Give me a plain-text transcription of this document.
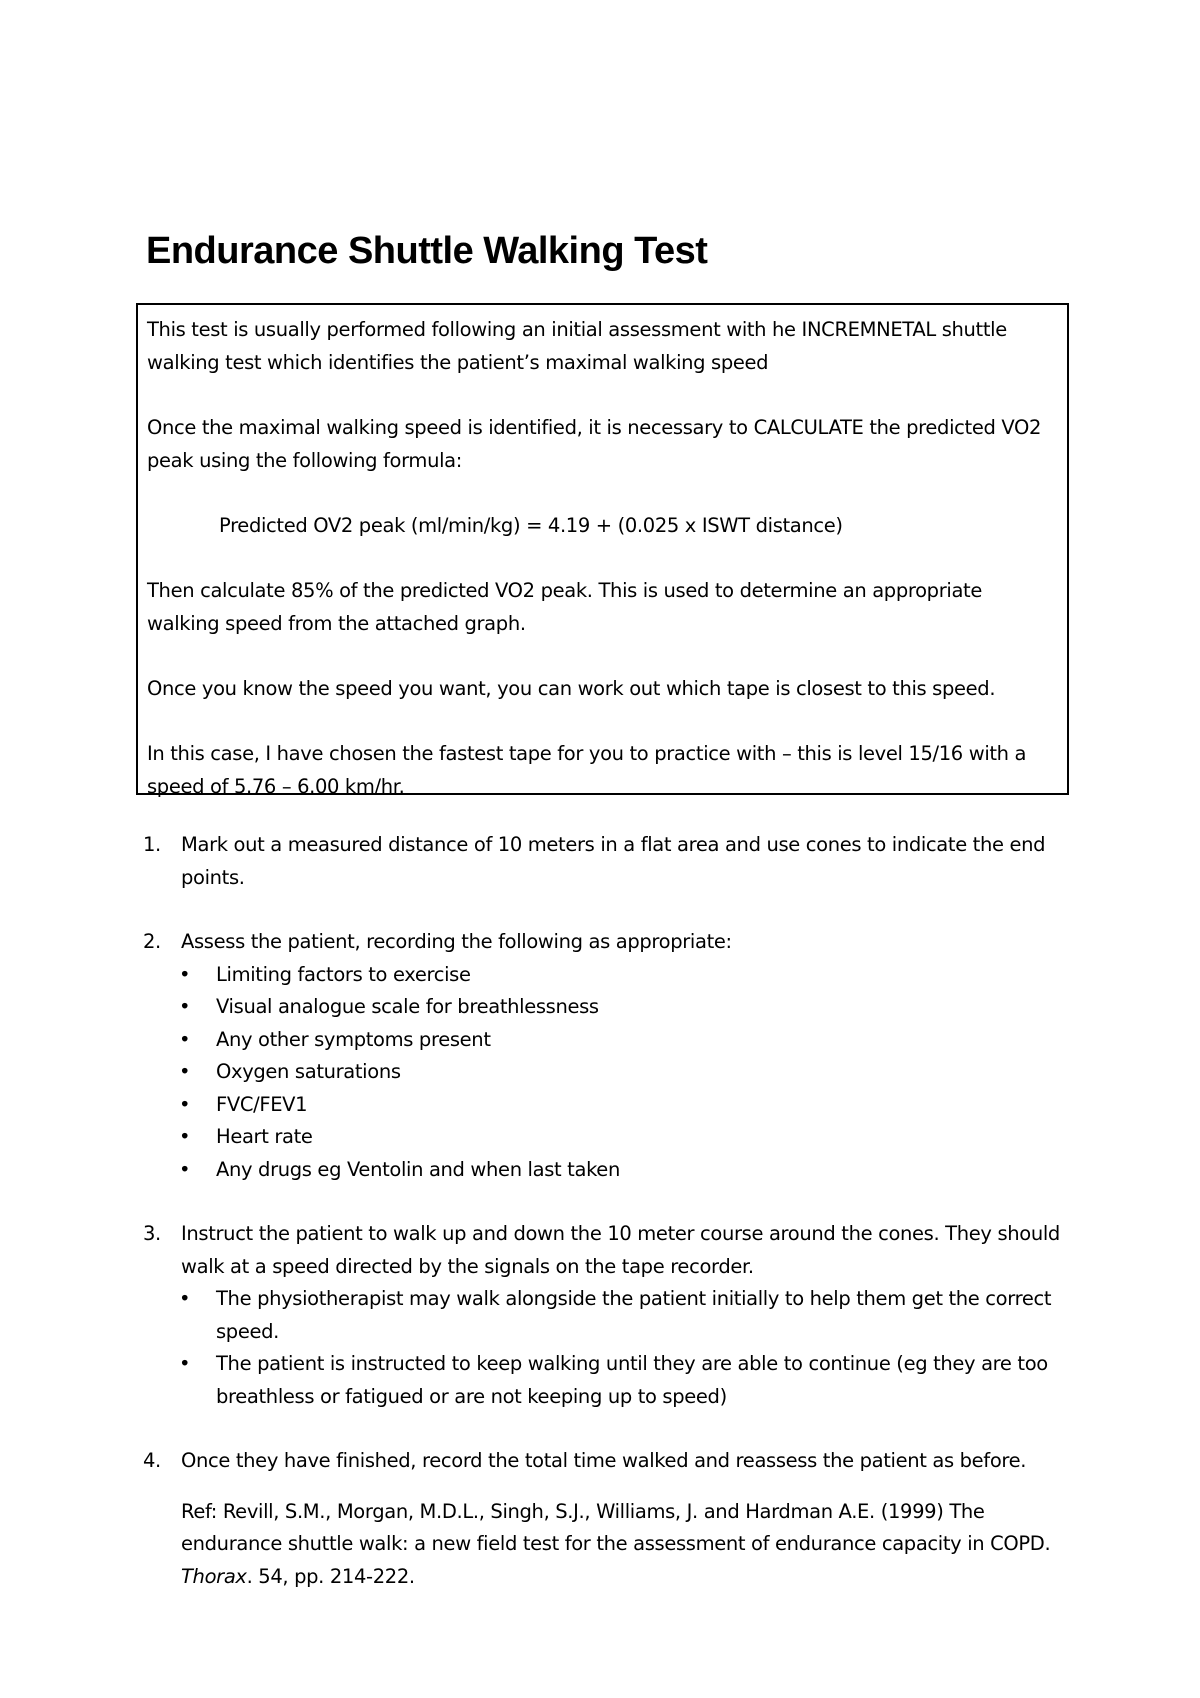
Endurance Shuttle Walking Test

This test is usually performed following an initial assessment with he INCREMNETAL shuttle walking test which identifies the patient’s maximal walking speed

Once the maximal walking speed is identified, it is necessary to CALCULATE the predicted VO2 peak using the following formula:

Predicted OV2 peak (ml/min/kg) = 4.19 + (0.025 x ISWT distance)

Then calculate 85% of the predicted VO2 peak. This is used to determine an appropriate walking speed from the attached graph.

Once you know the speed you want, you can work out which tape is closest to this speed.

In this case, I have chosen the fastest tape for you to practice with – this is level 15/16 with a speed of 5.76 – 6.00 km/hr.

1. Mark out a measured distance of 10 meters in a flat area and use cones to indicate the end points.
2. Assess the patient, recording the following as appropriate:
• Limiting factors to exercise
• Visual analogue scale for breathlessness
• Any other symptoms present
• Oxygen saturations
• FVC/FEV1
• Heart rate
• Any drugs eg Ventolin and when last taken
3. Instruct the patient to walk up and down the 10 meter course around the cones. They should walk at a speed directed by the signals on the tape recorder.
• The physiotherapist may walk alongside the patient initially to help them get the correct speed.
• The patient is instructed to keep walking until they are able to continue (eg they are too breathless or fatigued or are not keeping up to speed)
4. Once they have finished, record the total time walked and reassess the patient as before.
Ref: Revill, S.M., Morgan, M.D.L., Singh, S.J., Williams, J. and Hardman A.E. (1999) The endurance shuttle walk: a new field test for the assessment of endurance capacity in COPD. Thorax. 54, pp. 214-222.
